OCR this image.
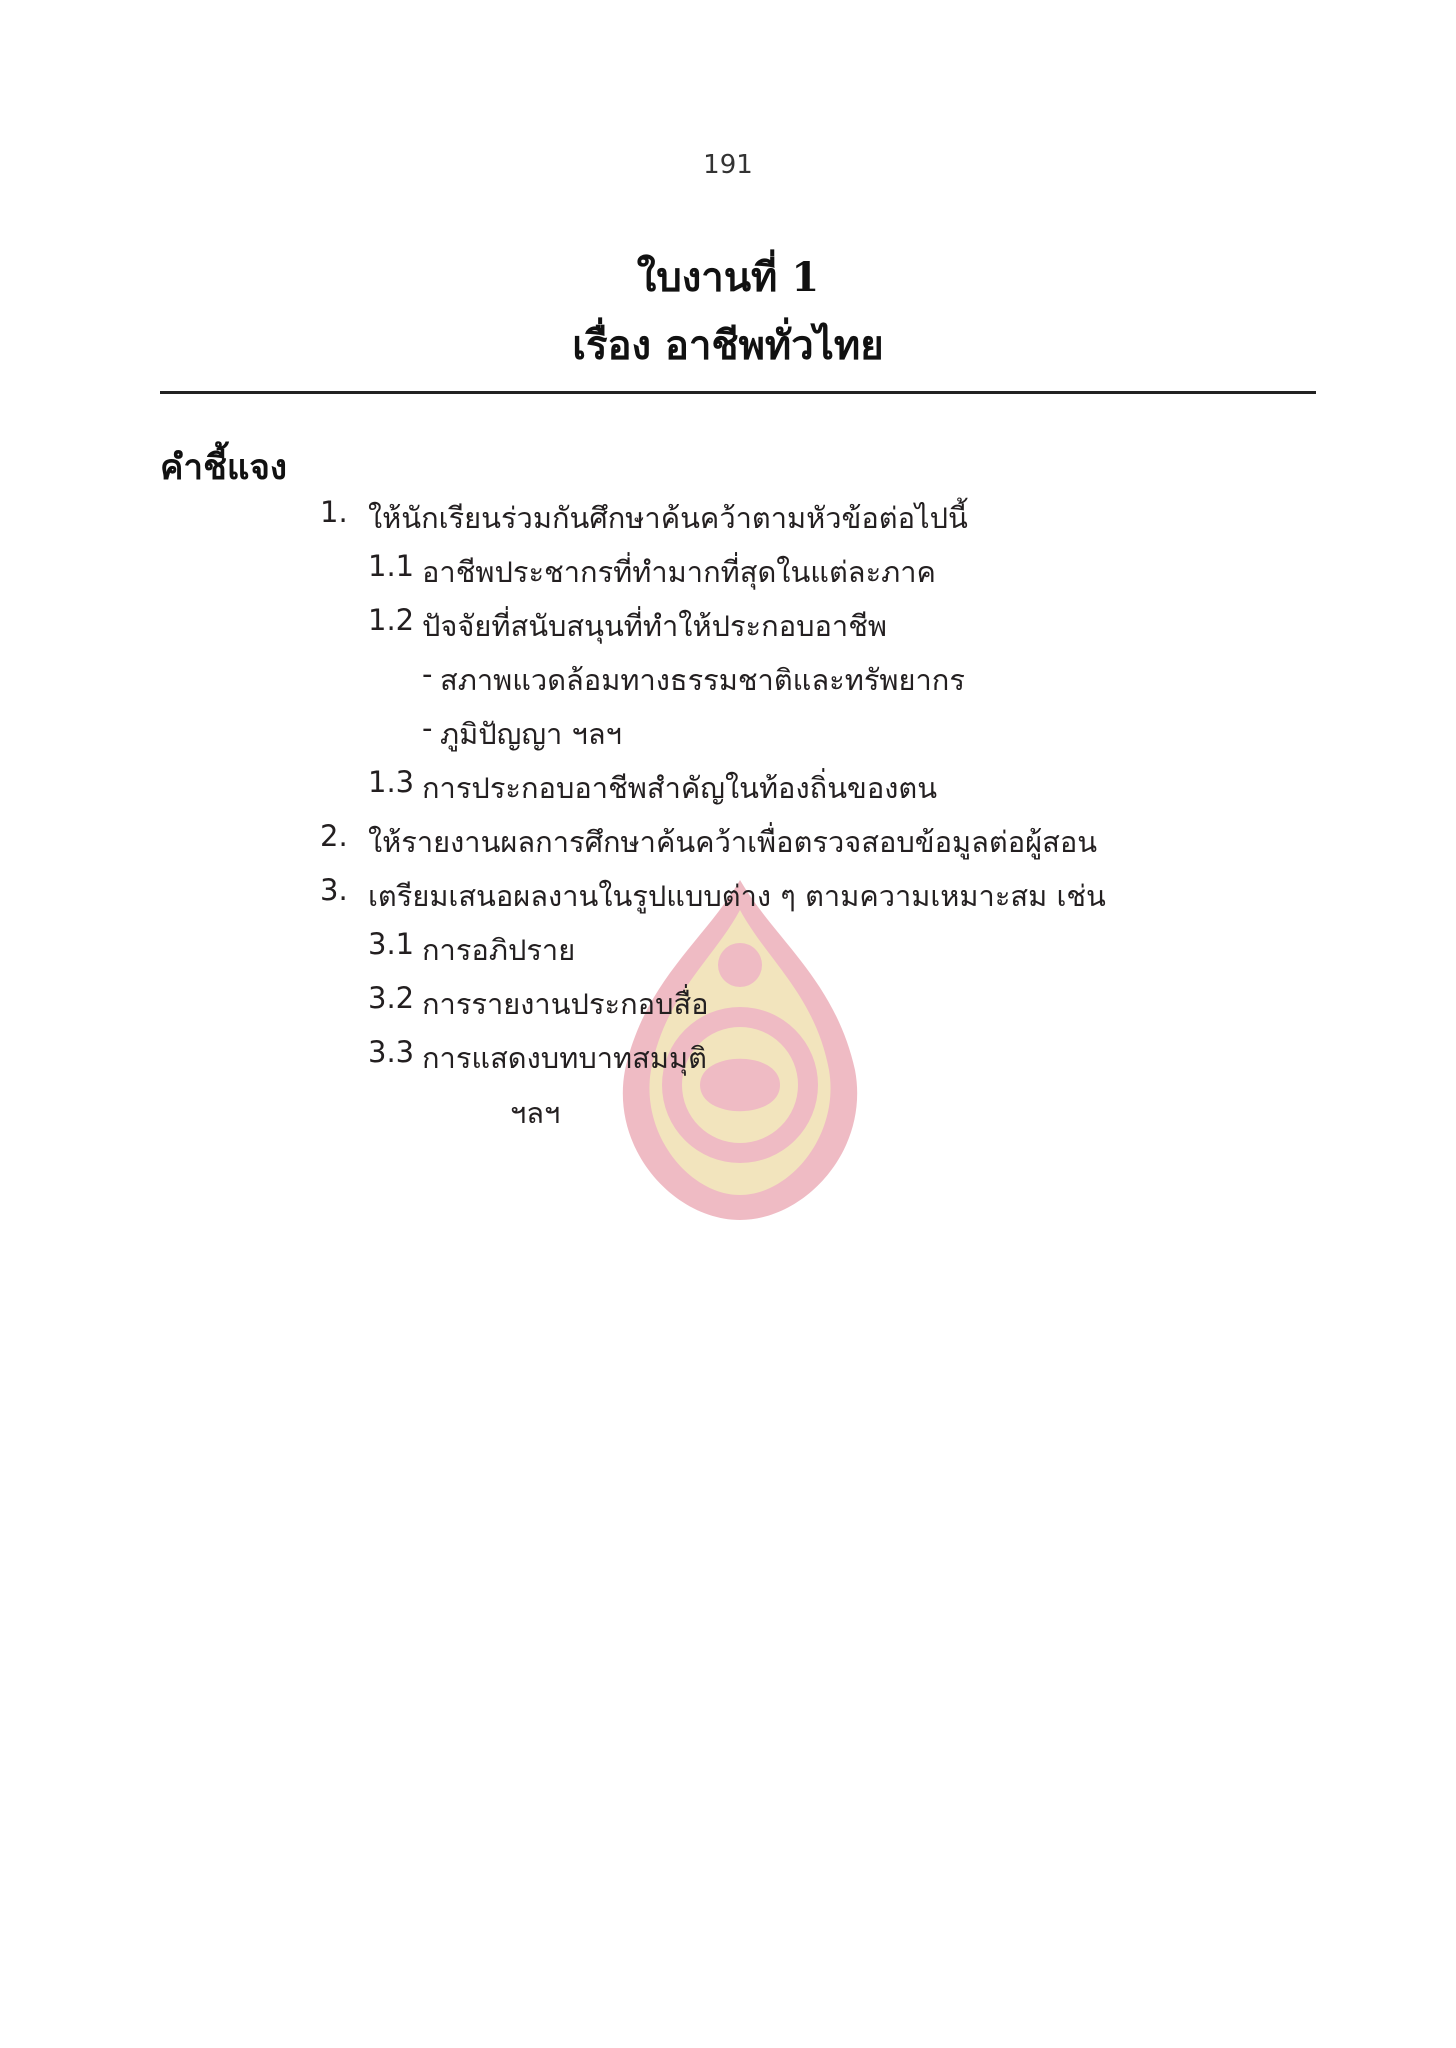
191
ใบงานที่ 1
เรื่อง อาชีพทั่วไทย
คำชี้แจง
1. ให้นักเรียนร่วมกันศึกษาค้นคว้าตามหัวข้อต่อไปนี้
1.1 อาชีพประชากรที่ทำมากที่สุดในแต่ละภาค
1.2 ปัจจัยที่สนับสนุนที่ทำให้ประกอบอาชีพ
- สภาพแวดล้อมทางธรรมชาติและทรัพยากร
- ภูมิปัญญา ฯลฯ
1.3 การประกอบอาชีพสำคัญในท้องถิ่นของตน
2. ให้รายงานผลการศึกษาค้นคว้าเพื่อตรวจสอบข้อมูลต่อผู้สอน
3. เตรียมเสนอผลงานในรูปแบบต่าง ๆ ตามความเหมาะสม เช่น
3.1 การอภิปราย
3.2 การรายงานประกอบสื่อ
3.3 การแสดงบทบาทสมมุติ
ฯลฯ
